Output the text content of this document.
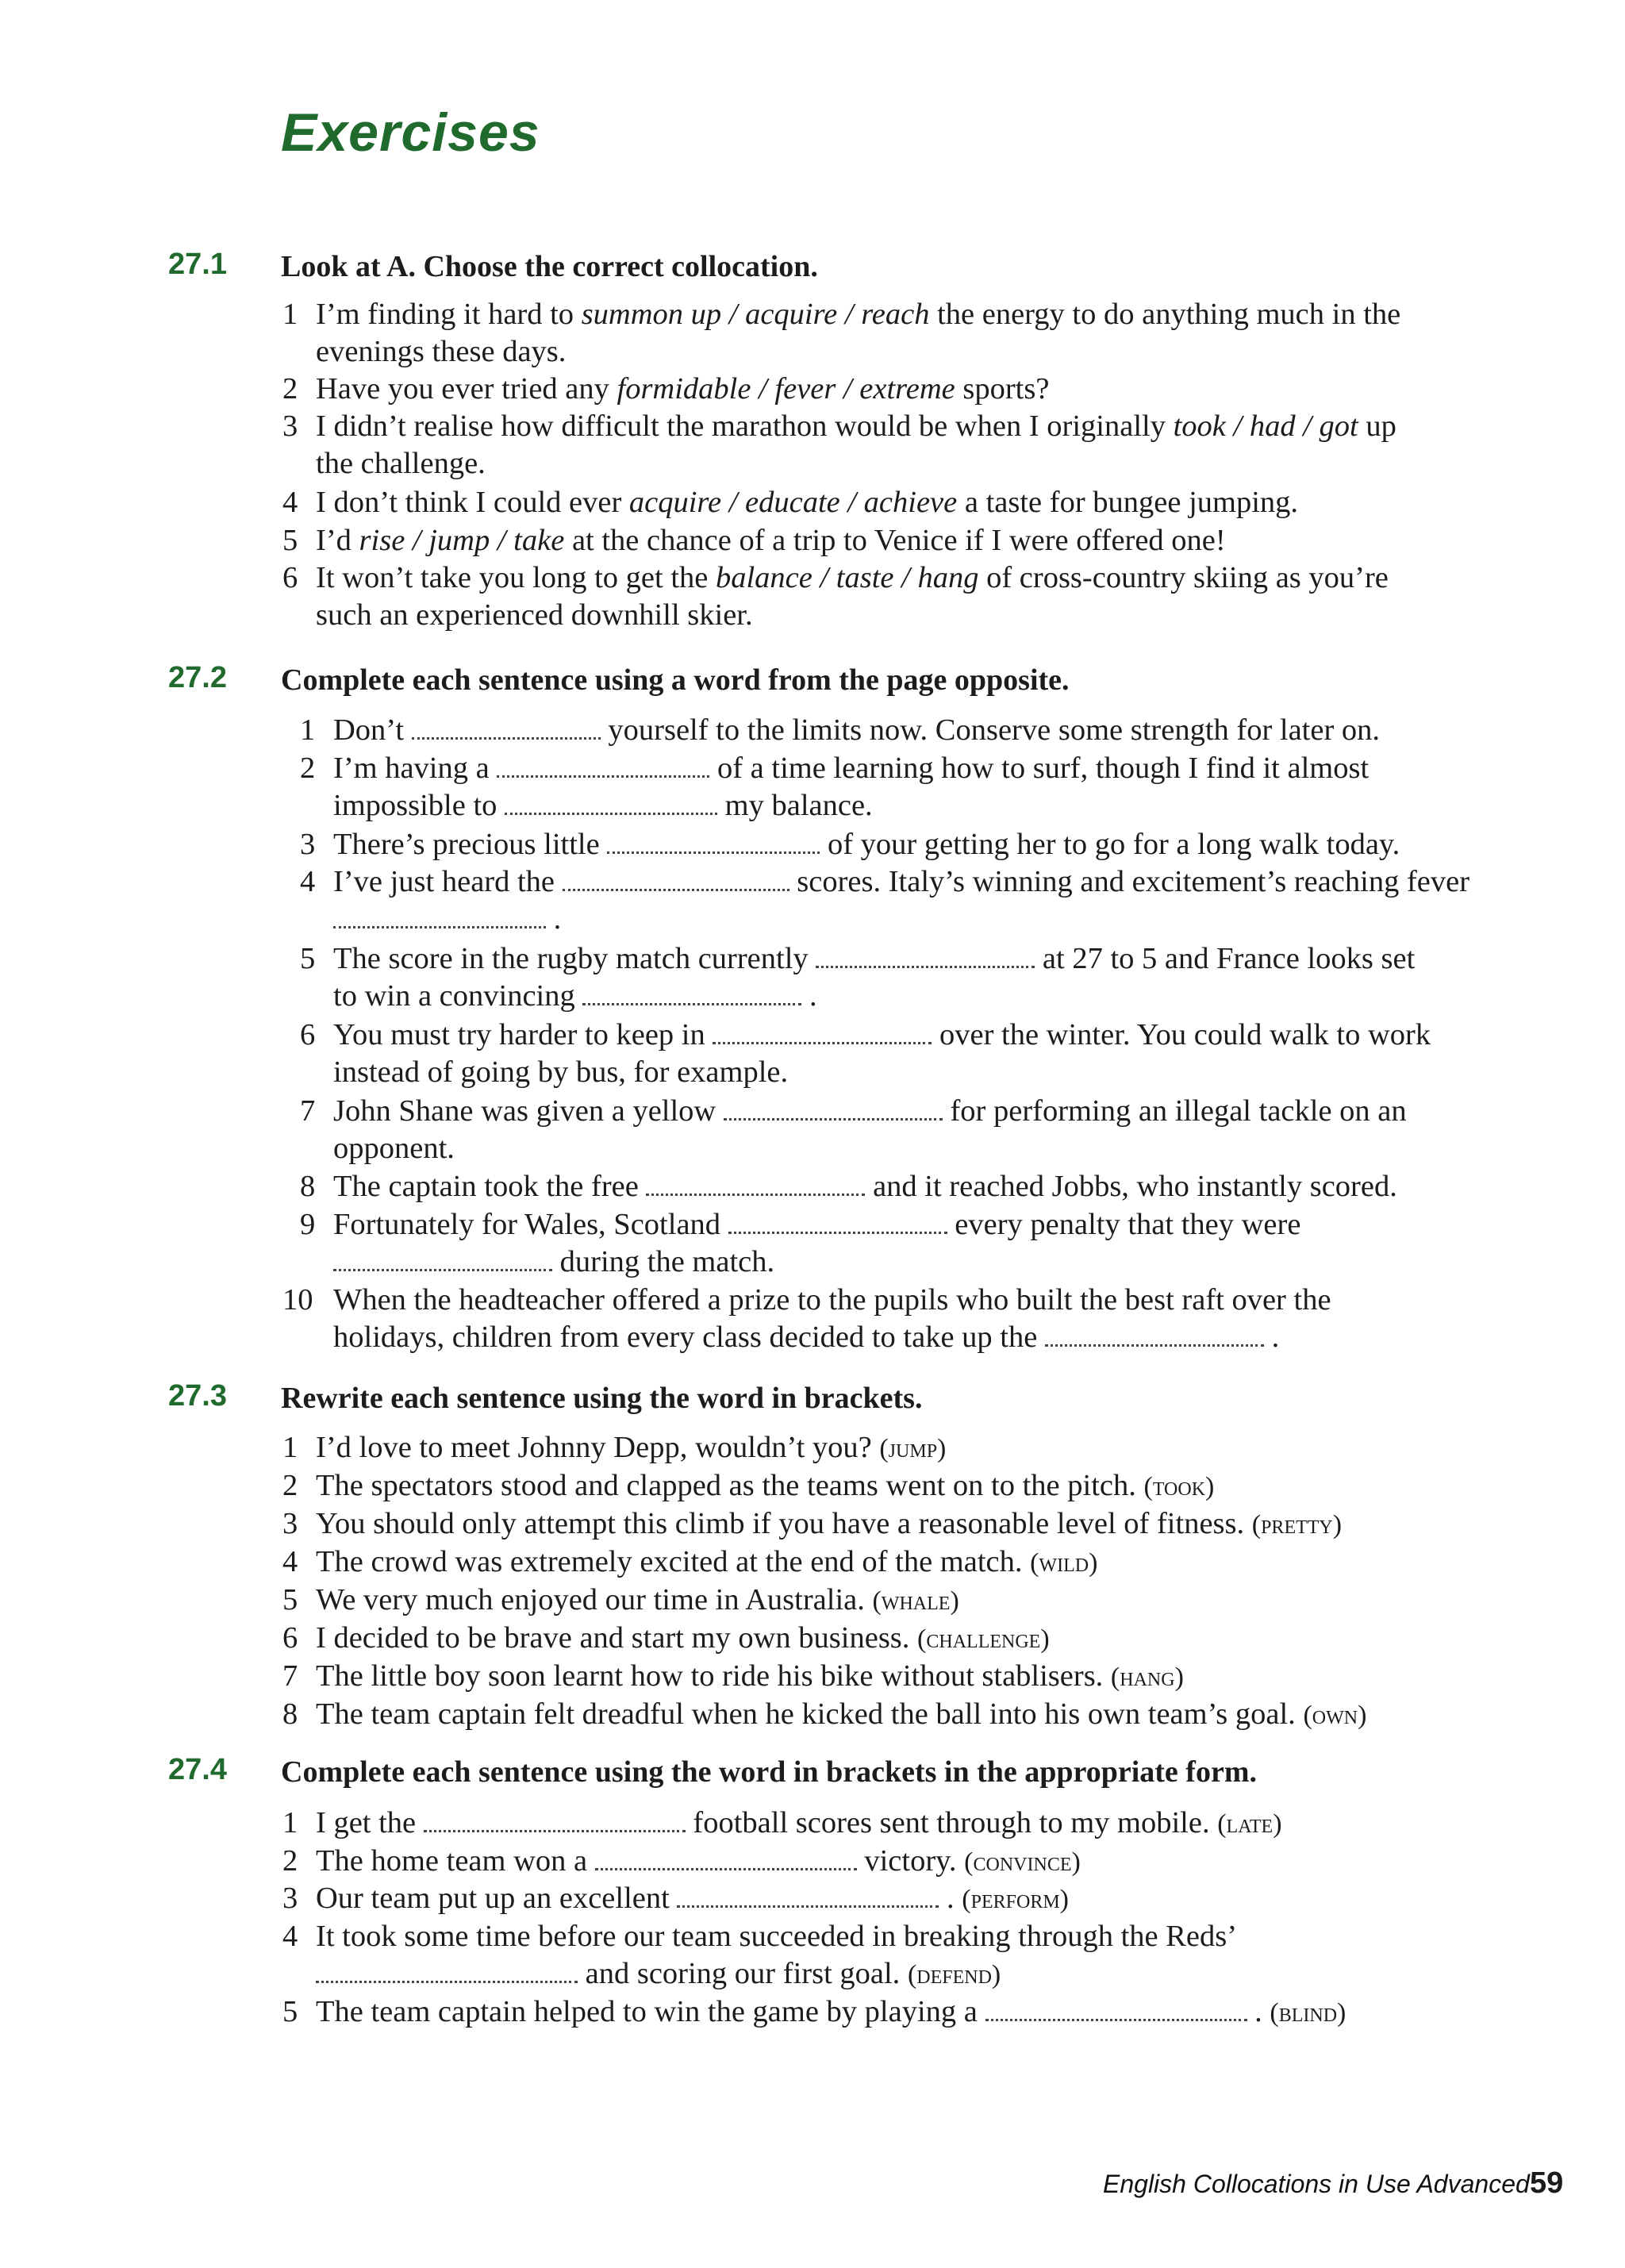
Exercises
27.1 Look at A. Choose the correct collocation.
1 I’m finding it hard to summon up / acquire / reach the energy to do anything much in the
evenings these days.
2 Have you ever tried any formidable / fever / extreme sports?
3 I didn’t realise how difficult the marathon would be when I originally took / had / got up
the challenge.
4 I don’t think I could ever acquire / educate / achieve a taste for bungee jumping.
5 I’d rise / jump / take at the chance of a trip to Venice if I were offered one!
6 It won’t take you long to get the balance / taste / hang of cross-country skiing as you’re
such an experienced downhill skier.
27.2 Complete each sentence using a word from the page opposite.
1 Don’t	yourself to the limits now. Conserve some strength for later on.
2 I’m having a	of a time learning how to surf, though I find it almost
impossible to	my balance.
3 There’s precious little	of your getting her to go for a long walk today.
4 I’ve just heard the	scores. Italy’s winning and excitement’s reaching fever
.
5 The score in the rugby match currently	at 27 to 5 and France looks set
to win a convincing	.
6 You must try harder to keep in	over the winter. You could walk to work
instead of going by bus, for example.
7 John Shane was given a yellow	for performing an illegal tackle on an
opponent.
8 The captain took the free	and it reached Jobbs, who instantly scored.
9 Fortunately for Wales, Scotland	every penalty that they were
during the match.
10 When the headteacher offered a prize to the pupils who built the best raft over the
holidays, children from every class decided to take up the	.
27.3 Rewrite each sentence using the word in brackets.
1 I’d love to meet Johnny Depp, wouldn’t you? (jump)
2 The spectators stood and clapped as the teams went on to the pitch. (took)
3 You should only attempt this climb if you have a reasonable level of fitness. (pretty)
4 The crowd was extremely excited at the end of the match. (wild)
5 We very much enjoyed our time in Australia. (whale)
6 I decided to be brave and start my own business. (challenge)
7 The little boy soon learnt how to ride his bike without stablisers. (hang)
8 The team captain felt dreadful when he kicked the ball into his own team’s goal. (own)
27.4 Complete each sentence using the word in brackets in the appropriate form.
1 I get the	football scores sent through to my mobile. (late)
2 The home team won a	victory. (convince)
3 Our team put up an excellent	. (perform)
4 It took some time before our team succeeded in breaking through the Reds’
and scoring our first goal. (defend)
5 The team captain helped to win the game by playing a	. (blind)
English Collocations in Use Advanced 59
